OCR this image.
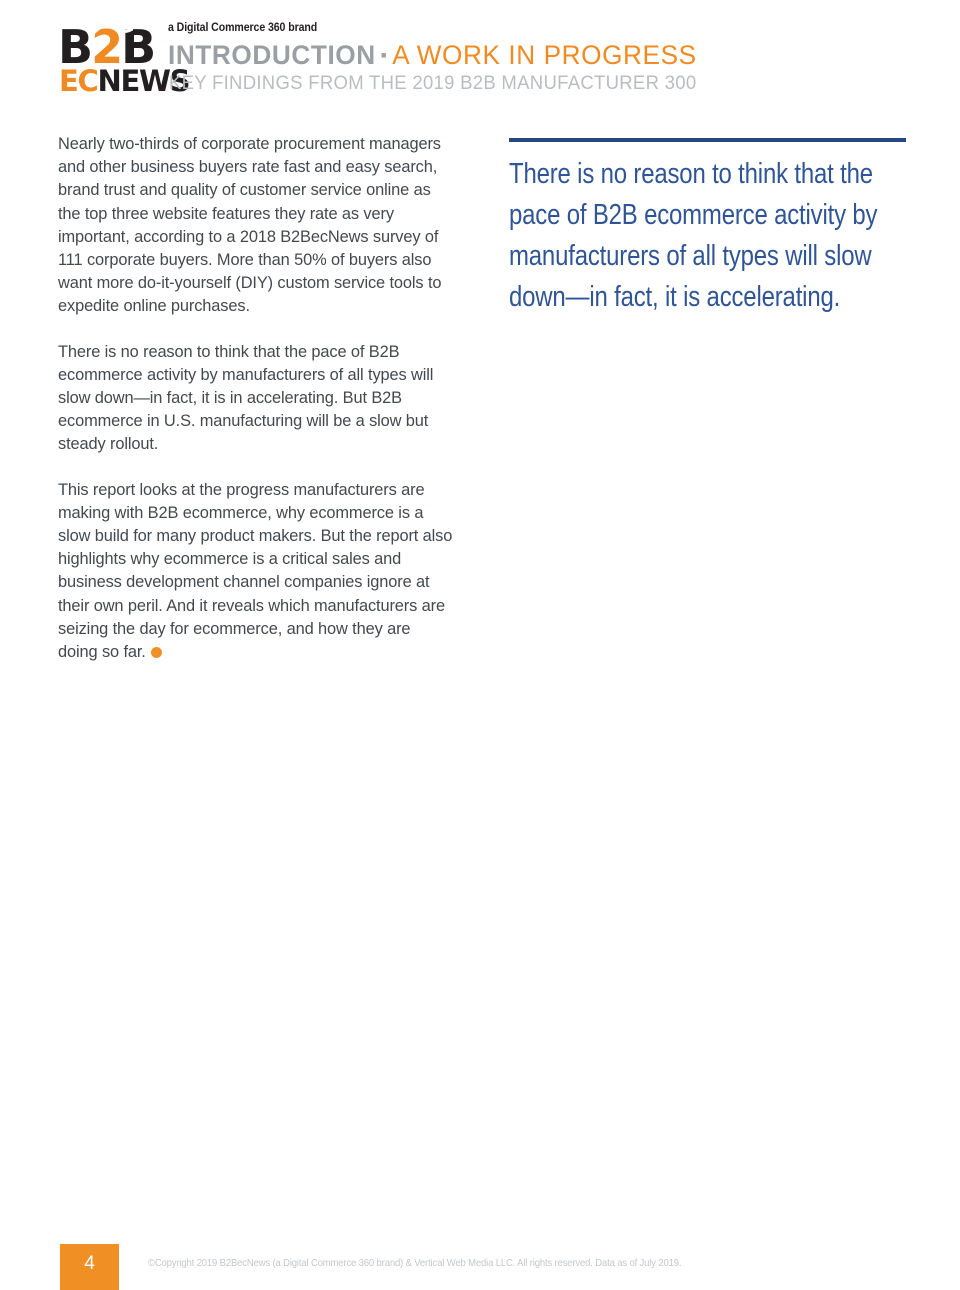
B2B
ECNEWS
a Digital Commerce 360 brand
INTRODUCTION ▪ A WORK IN PROGRESS
KEY FINDINGS FROM THE 2019 B2B MANUFACTURER 300

Nearly two-thirds of corporate procurement managers and other business buyers rate fast and easy search, brand trust and quality of customer service online as the top three website features they rate as very important, according to a 2018 B2BecNews survey of 111 corporate buyers. More than 50% of buyers also want more do-it-yourself (DIY) custom service tools to expedite online purchases.

There is no reason to think that the pace of B2B ecommerce activity by manufacturers of all types will slow down—in fact, it is in accelerating. But B2B ecommerce in U.S. manufacturing will be a slow but steady rollout.

This report looks at the progress manufacturers are making with B2B ecommerce, why ecommerce is a slow build for many product makers. But the report also highlights why ecommerce is a critical sales and business development channel companies ignore at their own peril. And it reveals which manufacturers are seizing the day for ecommerce, and how they are doing so far.

There is no reason to think that the pace of B2B ecommerce activity by manufacturers of all types will slow down—in fact, it is accelerating.

4	©Copyright 2019 B2BecNews (a Digital Commerce 360 brand) & Vertical Web Media LLC. All rights reserved. Data as of July 2019.
